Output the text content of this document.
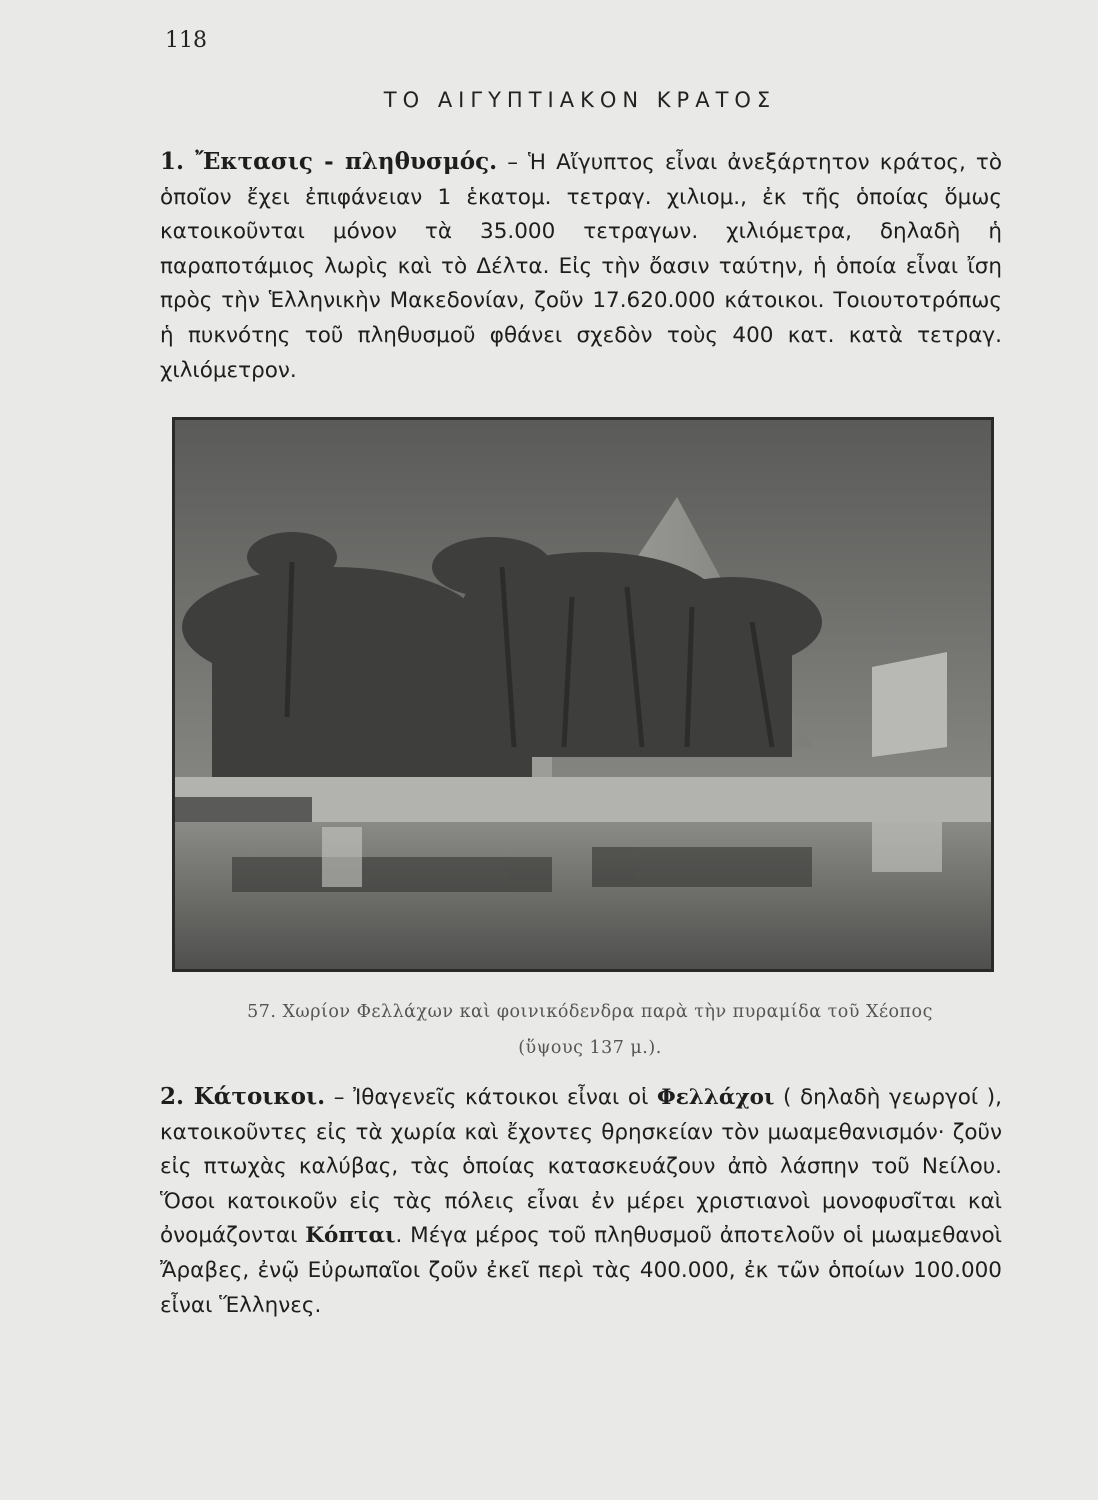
118
ΤΟ ΑΙΓΥΠΤΙΑΚΟΝ ΚΡΑΤΟΣ

1. Ἔκτασις - πληθυσμός. – Ἡ Αἴγυπτος εἶναι ἀνεξάρτητον κράτος, τὸ ὁποῖον ἔχει ἐπιφάνειαν 1 ἑκατομ. τετραγ. χιλιομ., ἐκ τῆς ὁποίας ὅμως κατοικοῦνται μόνον τὰ 35.000 τετραγων. χιλιόμετρα, δηλαδὴ ἡ παραποτάμιος λωρὶς καὶ τὸ Δέλτα. Εἰς τὴν ὄασιν ταύτην, ἡ ὁποία εἶναι ἴση πρὸς τὴν Ἑλληνικὴν Μακεδονίαν, ζοῦν 17.620.000 κάτοικοι. Τοιουτοτρόπως ἡ πυκνότης τοῦ πληθυσμοῦ φθάνει σχεδὸν τοὺς 400 κατ. κατὰ τετραγ. χιλιόμετρον.

57. Χωρίον Φελλάχων καὶ φοινικόδενδρα παρὰ τὴν πυραμίδα τοῦ Χέοπος

(ὕψους 137 μ.).

2. Κάτοικοι. – Ἰθαγενεῖς κάτοικοι εἶναι οἱ Φελλάχοι ( δηλαδὴ γεωργοί ), κατοικοῦντες εἰς τὰ χωρία καὶ ἔχοντες θρησκείαν τὸν μωαμεθανισμόν· ζοῦν εἰς πτωχὰς καλύβας, τὰς ὁποίας κατασκευάζουν ἀπὸ λάσπην τοῦ Νείλου. Ὅσοι κατοικοῦν εἰς τὰς πόλεις εἶναι ἐν μέρει χριστιανοὶ μονοφυσῖται καὶ ὀνομάζονται Κόπται. Μέγα μέρος τοῦ πληθυσμοῦ ἀποτελοῦν οἱ μωαμεθανοὶ Ἄραβες, ἐνῷ Εὐρωπαῖοι ζοῦν ἐκεῖ περὶ τὰς 400.000, ἐκ τῶν ὁποίων 100.000 εἶναι Ἕλληνες.
